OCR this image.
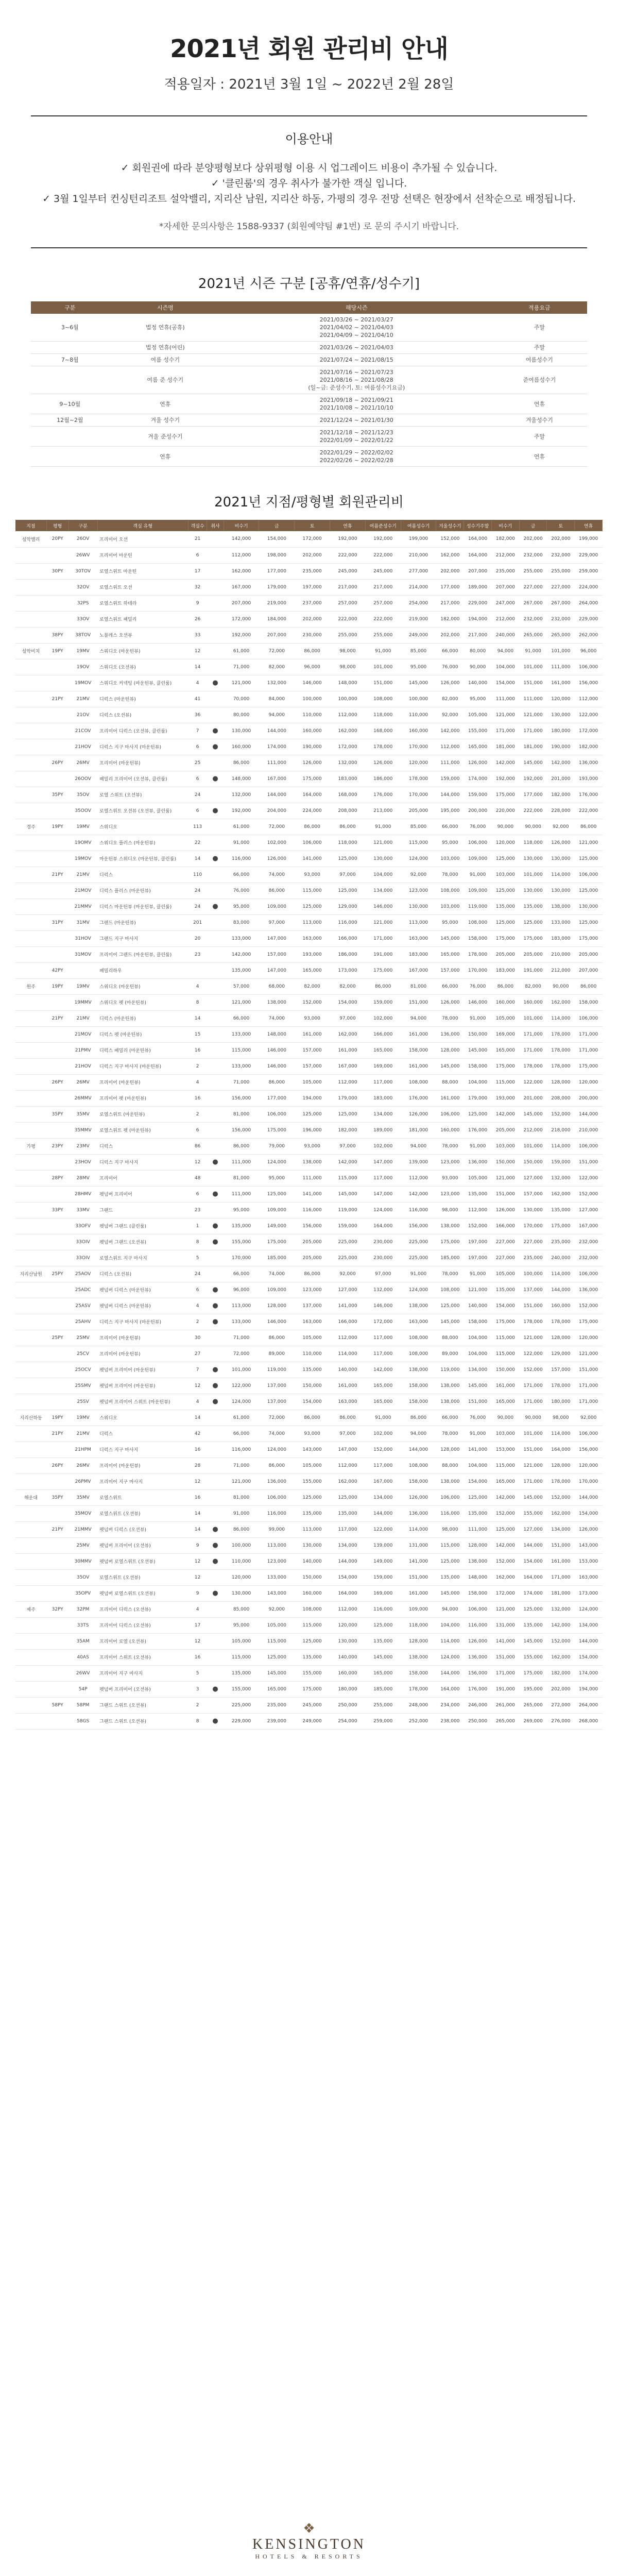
2021년 회원 관리비 안내
적용일자 : 2021년 3월 1일 ~ 2022년 2월 28일
이용안내
✓ 회원권에 따라 분양평형보다 상위평형 이용 시 업그레이드 비용이 추가될 수 있습니다.
✓ '클린룸'의 경우 취사가 불가한 객실 입니다.
✓ 3월 1일부터 컨싱턴리조트 설악밸리, 지리산 남원, 지리산 하동, 가평의 경우 전망 선택은 현장에서 선착순으로 배정됩니다.
*자세한 문의사항은 1588-9337 (회원예약팀 #1번) 로 문의 주시기 바랍니다.
2021년 시즌 구분 [공휴/연휴/성수기]
구분	시즌명	해당시즌	적용요금
3~6월	법정 연휴(공휴)	2021/03/26 ~ 2021/03/27
2021/04/02 ~ 2021/04/03
2021/04/09 ~ 2021/04/10	주말
	법정 연휴(어린)	2021/03/26 ~ 2021/04/03	주말
7~8월	여름 성수기	2021/07/24 ~ 2021/08/15	여름성수기
	여름 준 성수기	2021/07/16 ~ 2021/07/23
2021/08/16 ~ 2021/08/28
(일~금: 준성수기, 토: 여름성수기요금)	준여름성수기
9~10월	연휴	2021/09/18 ~ 2021/09/21
2021/10/08 ~ 2021/10/10	연휴
12월~2월	겨울 성수기	2021/12/24 ~ 2021/01/30	겨울성수기
	겨울 준성수기	2021/12/18 ~ 2021/12/23
2022/01/09 ~ 2022/01/22	주말
	연휴	2022/01/29 ~ 2022/02/02
2022/02/26 ~ 2022/02/28	연휴
2021년 지점/평형별 회원관리비
지점	평형	구분	객실 유형	객실수	취사	비수기	금	토	연휴	여름준성수기	여름성수기	겨울성수기	성수기주말	비수기	금	토	연휴
설악밸리	20PY	26OV	프리미어 오션	21		142,000	154,000	172,000	192,000	192,000	199,000	152,000	164,000	182,000	202,000	202,000	199,000
		26WV	프리미어 마운틴	6		112,000	198,000	202,000	222,000	222,000	210,000	162,000	164,000	212,000	232,000	232,000	229,000
	30PY	30TOV	로열스위트 마운틴	17		162,000	177,000	235,000	245,000	245,000	277,000	202,000	207,000	235,000	255,000	255,000	259,000
		32OV	로열스위트 오션	32		167,000	179,000	197,000	217,000	217,000	214,000	177,000	189,000	207,000	227,000	227,000	224,000
		32PS	로열스위트 하테라	9		207,000	219,000	237,000	257,000	257,000	254,000	217,000	229,000	247,000	267,000	267,000	264,000
		33OV	로열스위트 패밀리	26		172,000	184,000	202,000	222,000	222,000	219,000	182,000	194,000	212,000	232,000	232,000	229,000
	38PY	38TOV	노블레스 오션뷰	33		192,000	207,000	230,000	255,000	255,000	249,000	202,000	217,000	240,000	265,000	265,000	262,000
설악비치	19PY	19MV	스위디오 (마운틴뷰)	12		61,000	72,000	86,000	98,000	91,000	85,000	66,000	80,000	94,000	91,000	101,000	96,000
		19OV	스위디오 (오션뷰)	14		71,000	82,000	96,000	98,000	101,000	95,000	76,000	90,000	104,000	101,000	111,000	106,000
		19MOV	스위디오 커넥팅 (마운틴뷰, 클린룸)	4	●	121,000	132,000	146,000	148,000	151,000	145,000	126,000	140,000	154,000	151,000	161,000	156,000
	21PY	21MV	디럭스 (마운틴뷰)	41		70,000	84,000	100,000	100,000	108,000	100,000	82,000	95,000	111,000	111,000	120,000	112,000
		21OV	디럭스 (오션뷰)	36		80,000	94,000	110,000	112,000	118,000	110,000	92,000	105,000	121,000	121,000	130,000	122,000
		21COV	프리미어 디럭스 (오션뷰, 클린룸)	7	●	130,000	144,000	160,000	162,000	168,000	160,000	142,000	155,000	171,000	171,000	180,000	172,000
		21HOV	디럭스 지구 마사지 (마운틴뷰)	6	●	160,000	174,000	190,000	172,000	178,000	170,000	112,000	165,000	181,000	181,000	190,000	182,000
	26PY	26MV	프리미어 (마운틴뷰)	25		86,000	111,000	126,000	132,000	126,000	120,000	111,000	126,000	142,000	145,000	142,000	136,000
		26OOV	패밀리 프리미어 (오션뷰, 클린룸)	6	●	148,000	167,000	175,000	183,000	186,000	178,000	159,000	174,000	192,000	192,000	201,000	193,000
	35PY	35OV	로열 스위트 (오션뷰)	24		132,000	144,000	164,000	168,000	176,000	170,000	144,000	159,000	175,000	177,000	182,000	176,000
		35OOV	로열스위트 오션뷰 (오션뷰, 클린룸)	6	●	192,000	204,000	224,000	208,000	213,000	205,000	195,000	200,000	220,000	222,000	228,000	222,000
경주	19PY	19MV	스위디오	113		61,000	72,000	86,000	86,000	91,000	85,000	66,000	76,000	90,000	90,000	92,000	86,000
		19OMV	스위디오 플러스 (마운틴뷰)	22		91,000	102,000	106,000	118,000	121,000	115,000	95,000	106,000	120,000	118,000	126,000	121,000
		19MOV	마운틴뷰 스위디오 (마운틴뷰, 클린룸)	14	●	116,000	126,000	141,000	125,000	130,000	124,000	103,000	109,000	125,000	130,000	130,000	125,000
	21PY	21MV	디럭스	110		66,000	74,000	93,000	97,000	104,000	92,000	78,000	91,000	103,000	101,000	114,000	106,000
		21MOV	디럭스 플러스 (마운틴뷰)	24		76,000	86,000	115,000	125,000	134,000	123,000	108,000	109,000	125,000	130,000	130,000	125,000
		21MMV	디럭스 마운틴뷰 (마운틴뷰, 클린룸)	24	●	95,000	109,000	125,000	129,000	146,000	130,000	103,000	119,000	135,000	135,000	138,000	130,000
	31PY	31MV	그랜드 (마운틴뷰)	201		83,000	97,000	113,000	116,000	121,000	113,000	95,000	108,000	125,000	125,000	133,000	125,000
		31HOV	그랜드 지구 마사지	20		133,000	147,000	163,000	166,000	171,000	163,000	145,000	158,000	175,000	175,000	183,000	175,000
		31MOV	프리미어 그랜드 (마운틴뷰, 클린룸)	23		142,000	157,000	193,000	186,000	191,000	183,000	165,000	178,000	205,000	205,000	210,000	205,000
	42PY		패밀리하우			135,000	147,000	165,000	173,000	175,000	167,000	157,000	170,000	183,000	191,000	212,000	207,000
원주	19PY	19MV	스위디오 (마운틴뷰)	4		57,000	68,000	82,000	82,000	86,000	81,000	66,000	76,000	86,000	82,000	90,000	86,000
		19MMV	스위디오 펫 (마운틴뷰)	8		121,000	138,000	152,000	154,000	159,000	151,000	126,000	146,000	160,000	160,000	162,000	158,000
	21PY	21MV	디럭스 (마운틴뷰)	14		66,000	74,000	93,000	97,000	102,000	94,000	78,000	91,000	105,000	101,000	114,000	106,000
		21MOV	디럭스 펫 (마운틴뷰)	15		133,000	148,000	161,000	162,000	166,000	161,000	136,000	150,000	169,000	171,000	178,000	171,000
		21PMV	디럭스 패밀리 (마운틴뷰)	16		115,000	146,000	157,000	161,000	165,000	158,000	128,000	145,000	165,000	171,000	178,000	171,000
		21HOV	디럭스 지구 마사지 (마운틴뷰)	2		133,000	146,000	157,000	167,000	169,000	161,000	145,000	158,000	175,000	178,000	178,000	175,000
	26PY	26MV	프리미어 (마운틴뷰)	4		71,000	86,000	105,000	112,000	117,000	108,000	88,000	104,000	115,000	122,000	128,000	120,000
		26MMV	프리미어 펫 (마운틴뷰)	16		156,000	177,000	194,000	179,000	183,000	176,000	161,000	179,000	193,000	201,000	208,000	200,000
	35PY	35MV	로열스위트 (마운틴뷰)	2		81,000	106,000	125,000	125,000	134,000	126,000	106,000	125,000	142,000	145,000	152,000	144,000
		35MMV	로열스위트 펫 (마운틴뷰)	6		156,000	175,000	196,000	182,000	189,000	181,000	160,000	176,000	205,000	212,000	218,000	210,000
가평	23PY	23MV	디럭스	86		86,000	79,000	93,000	97,000	102,000	94,000	78,000	91,000	103,000	101,000	114,000	106,000
		23HOV	디럭스 지구 마사지	12	●	111,000	124,000	138,000	142,000	147,000	139,000	123,000	136,000	150,000	150,000	159,000	151,000
	28PY	28MV	프리미어	48		81,000	95,000	111,000	115,000	117,000	112,000	93,000	105,000	121,000	127,000	132,000	122,000
		28HMV	펫넘버 프리미어	6	●	111,000	125,000	141,000	145,000	147,000	142,000	123,000	135,000	151,000	157,000	162,000	152,000
	33PY	33MV	그랜드	23		95,000	109,000	116,000	119,000	124,000	116,000	98,000	112,000	126,000	130,000	135,000	127,000
		33OFV	펫넘버 그랜드 (클린룸)	1	●	135,000	149,000	156,000	159,000	164,000	156,000	138,000	152,000	166,000	170,000	175,000	167,000
		33OIV	펫넘버 그랜드 (오션뷰)	8	●	155,000	175,000	205,000	225,000	230,000	225,000	175,000	197,000	227,000	227,000	235,000	232,000
		33OIV	로열스위트 지구 마사지	5		170,000	185,000	205,000	225,000	230,000	225,000	185,000	197,000	227,000	235,000	240,000	232,000
지리산남원	25PY	25AOV	디럭스 (오션뷰)	24		66,000	74,000	86,000	92,000	97,000	91,000	78,000	91,000	105,000	100,000	114,000	106,000
		25ADC	펫넘버 디럭스 (마운틴뷰)	6	●	96,000	109,000	123,000	127,000	132,000	124,000	108,000	121,000	135,000	137,000	144,000	136,000
		25ASV	펫넘버 디럭스 (마운틴뷰)	4	●	113,000	128,000	137,000	141,000	146,000	138,000	125,000	140,000	154,000	151,000	160,000	152,000
		25AHV	디럭스 지구 마사지 (마운틴뷰)	2	●	133,000	146,000	163,000	166,000	172,000	163,000	145,000	158,000	175,000	178,000	178,000	175,000
	25PY	25MV	프리미어 (마운틴뷰)	30		71,000	86,000	105,000	112,000	117,000	108,000	88,000	104,000	115,000	121,000	128,000	120,000
		25CV	프리미어 (마운틴뷰)	27		72,000	89,000	110,000	114,000	117,000	108,000	89,000	104,000	115,000	122,000	129,000	121,000
		25OCV	펫넘버 프리미어 (마운틴뷰)	7	●	101,000	119,000	135,000	140,000	142,000	138,000	119,000	134,000	150,000	152,000	157,000	151,000
		25SMV	펫넘버 프리미어 (마운틴뷰)	12	●	122,000	137,000	150,000	161,000	165,000	158,000	138,000	145,000	161,000	171,000	178,000	171,000
		25SV	펫넘버 프리미어 스위트 (마운틴뷰)	4	●	124,000	137,000	154,000	163,000	165,000	158,000	138,000	151,000	165,000	171,000	180,000	171,000
지리산하동	19PY	19MV	스위디오	14		61,000	72,000	86,000	86,000	91,000	86,000	66,000	76,000	90,000	90,000	98,000	92,000
	21PY	21MV	디럭스	42		66,000	74,000	93,000	97,000	102,000	94,000	78,000	91,000	103,000	101,000	114,000	106,000
		21HPM	디럭스 지구 마사지	16		116,000	124,000	143,000	147,000	152,000	144,000	128,000	141,000	153,000	151,000	164,000	156,000
	26PY	26MV	프리미어 (마운틴뷰)	28		71,000	86,000	105,000	112,000	117,000	108,000	88,000	104,000	115,000	121,000	128,000	120,000
		26PMV	프리미어 지구 마사지	12		121,000	136,000	155,000	162,000	167,000	158,000	138,000	154,000	165,000	171,000	178,000	170,000
해운대	35PY	35MV	로열스위트	16		81,000	106,000	125,000	125,000	134,000	126,000	106,000	125,000	142,000	145,000	152,000	144,000
		35MOV	로열스위트 (오션뷰)	14		91,000	116,000	135,000	135,000	144,000	136,000	116,000	135,000	152,000	155,000	162,000	154,000
	21PY	21MMV	펫넘버 디럭스 (오션뷰)	14	●	86,000	99,000	113,000	117,000	122,000	114,000	98,000	111,000	125,000	127,000	134,000	126,000
		25MV	펫넘버 프리미어 (오션뷰)	9	●	100,000	113,000	130,000	134,000	139,000	131,000	115,000	128,000	142,000	144,000	151,000	143,000
		30MMV	펫넘버 로열스위트 (오션뷰)	12	●	110,000	123,000	140,000	144,000	149,000	141,000	125,000	138,000	152,000	154,000	161,000	153,000
		35OV	로열스위트 (오션뷰)	12		120,000	133,000	150,000	154,000	159,000	151,000	135,000	148,000	162,000	164,000	171,000	163,000
		35OPV	펫넘버 로열스위트 (오션뷰)	9	●	130,000	143,000	160,000	164,000	169,000	161,000	145,000	158,000	172,000	174,000	181,000	173,000
제주	32PY	32PM	프리미어 디럭스 (오션뷰)	4		85,000	92,000	108,000	112,000	116,000	109,000	94,000	106,000	121,000	125,000	132,000	124,000
		33TS	프리미어 디럭스 (오션뷰)	17		95,000	105,000	115,000	120,000	125,000	118,000	104,000	116,000	131,000	135,000	142,000	134,000
		35AM	프리미어 로열 (오션뷰)	12		105,000	115,000	125,000	130,000	135,000	128,000	114,000	126,000	141,000	145,000	152,000	144,000
		40AS	프리미어 스위트 (오션뷰)	16		115,000	125,000	135,000	140,000	145,000	138,000	124,000	136,000	151,000	155,000	162,000	154,000
		26WV	프리미어 지구 마사지	5		135,000	145,000	155,000	160,000	165,000	158,000	144,000	156,000	171,000	175,000	182,000	174,000
		54P	펫넘버 프리미어 (오션뷰)	3	●	155,000	165,000	175,000	180,000	185,000	178,000	164,000	176,000	191,000	195,000	202,000	194,000
	58PY	58PM	그랜드 스위트 (오션뷰)	2		225,000	235,000	245,000	250,000	255,000	248,000	234,000	246,000	261,000	265,000	272,000	264,000
		58GS	그랜드 스위트 (오션뷰)	8	●	229,000	239,000	249,000	254,000	259,000	252,000	238,000	250,000	265,000	269,000	276,000	268,000
❖
KENSINGTON
HOTELS & RESORTS
